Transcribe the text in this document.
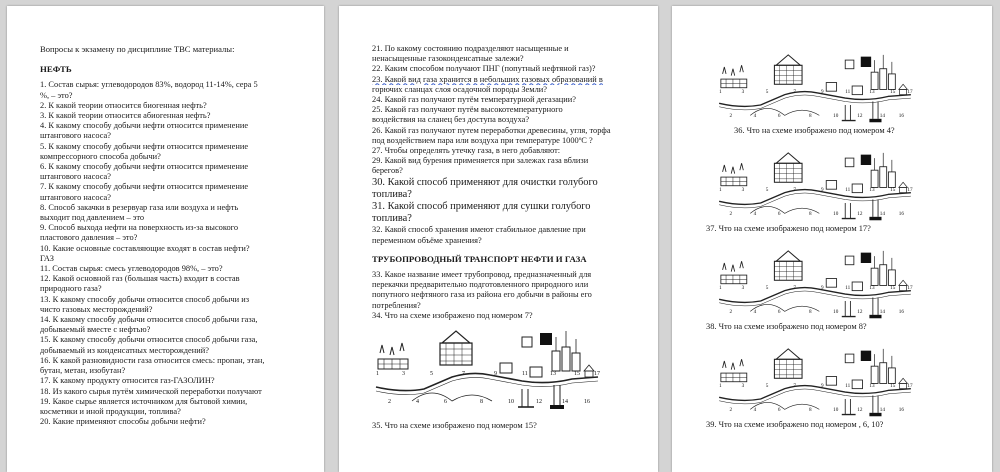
Вопросы к экзамену по дисциплине ТВС материалы:
НЕФТЬ
1. Состав сырья: углеводородов 83%, водород 11-14%, сера 5
%, – это?
2. К какой теории относится биогенная нефть?
3. К какой теории относится абиогенная нефть?
4. К какому способу добычи нефти относится применение
штангового насоса?
5. К какому способу добычи нефти относится применение
компрессорного способа добычи?
6. К какому способу добычи нефти относится применение
штангового насоса?
7. К какому способу добычи нефти относится применение
штангового насоса?
8. Способ закачки в резервуар газа или воздуха и нефть
выходит под давлением – это
9. Способ выхода нефти на поверхность из-за высокого
пластового давления – это?
10. Какие основные составляющие входят в состав нефти?
ГАЗ
11. Состав сырья: смесь углеводородов 98%, – это?
12. Какой основной газ (большая часть) входит в состав
природного газа?
13. К какому способу добычи относится способ добычи из
чисто газовых месторождений?
14. К какому способу добычи относится способ добычи газа,
добываемый вместе с нефтью?
15. К какому способу добычи относится способ добычи газа,
добываемый из конденсатных месторождений?
16. К какой разновидности газа относится смесь: пропан, этан,
бутан, метан, изобутан?
17. К какому продукту относится газ-ГАЗОЛИН?
18. Из какого сырья путём химической переработки получают
19. Какое сырье является источником для бытовой химии,
косметики и иной продукции, топлива?
20. Какие применяют способы добычи нефти?
21. По какому состоянию подразделяют насыщенные и
ненасыщенные газоконденсатные залежи?
22. Каким способом получают ПНГ (попутный нефтяной газ)?
23. Какой вид газа хранится в небольших газовых образований в
горючих сланцах слоя осадочной породы Земли?
24. Какой газ получают путём температурной дегазации?
25. Какой газ получают путём высокотемпературного
воздействия на сланец без доступа воздуха?
26. Какой газ получают путем переработки древесины, угля, торфа
под воздействием пара или воздуха при температуре 1000ºС ?
27. Чтобы определять утечку газа, в него добавляют:
29. Какой вид бурения применяется при залежах газа вблизи
берегов?
30. Какой способ применяют для очистки голубого
топлива?
31. Какой способ применяют для сушки голубого
топлива?
32. Какой способ хранения имеют стабильное давление при
переменном объёме хранения?
ТРУБОПРОВОДНЫЙ ТРАНСПОРТ НЕФТИ И ГАЗА
33. Какое название имеет трубопровод, предназначенный для
перекачки предварительно подготовленного природного или
попутного нефтяного газа из района его добычи в районы его
потребления?
34. Что на схеме изображено под номером 7?
1
2
3
4
5
6
7
8
9
10
11
12
13
14
15
16
17
35. Что на схеме изображено под номером 15?
1
2
3
4
5
6
7
8
9
10
11
12
13
14
15
16
17
36. Что на схеме изображено под номером 4?
1
2
3
4
5
6
7
8
9
10
11
12
13
14
15
16
17
37. Что на схеме изображено под номером 17?
1
2
3
4
5
6
7
8
9
10
11
12
13
14
15
16
17
38. Что на схеме изображено под номером 8?
1
2
3
4
5
6
7
8
9
10
11
12
13
14
15
16
17
39. Что на схеме изображено под номером , 6, 10?
